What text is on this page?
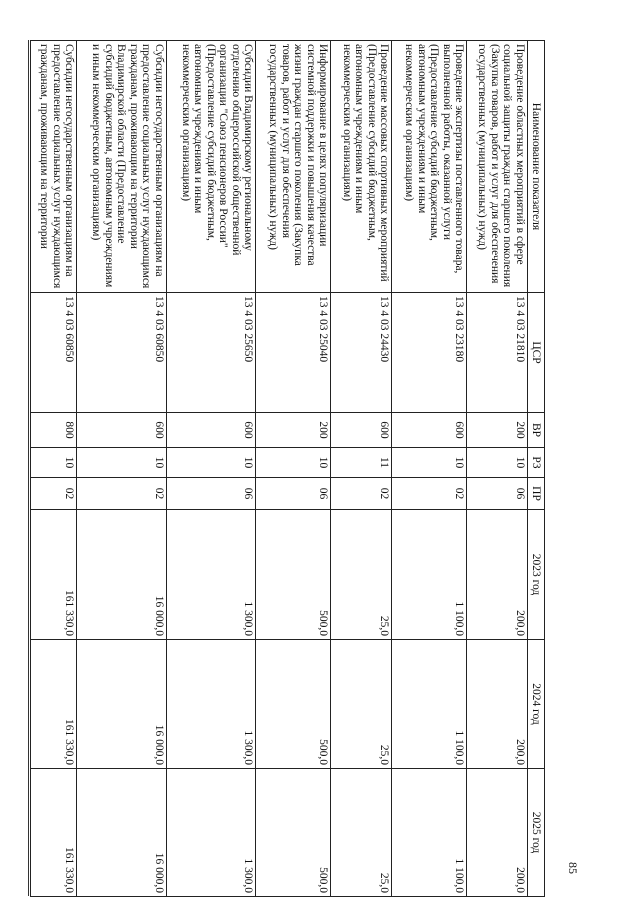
85
Наименование показателя	ЦСР	ВР	РЗ	ПР	2023 год	2024 год	2025 год
Проведение областных мероприятий в сфере социальной защиты граждан старшего поколения (Закупка товаров, работ и услуг для обеспечения государственных (муниципальных) нужд)	13 4 03 21810	200	10	06	200,0	200,0	200,0
Проведение экспертизы поставленного товара, выполненной работы, оказанной услуги (Предоставление субсидий бюджетным, автономным учреждениям и иным некоммерческим организациям)	13 4 03 23180	600	10	02	1 100,0	1 100,0	1 100,0
Проведение массовых спортивных мероприятий (Предоставление субсидий бюджетным, автономным учреждениям и иным некоммерческим организациям)	13 4 03 24430	600	11	02	25,0	25,0	25,0
Информирование в целях популяризации системной поддержки и повышения качества жизни граждан старшего поколения (Закупка товаров, работ и услуг для обеспечения государственных (муниципальных) нужд)	13 4 03 25040	200	10	06	500,0	500,0	500,0
Субсидии Владимирскому региональному отделению общероссийской общественной организации "Союз пенсионеров России" (Предоставление субсидий бюджетным, автономным учреждениям и иным некоммерческим организациям)	13 4 03 25650	600	10	06	1 300,0	1 300,0	1 300,0
Субсидии негосударственным организациям на предоставление социальных услуг нуждающимся гражданам, проживающим на территории Владимирской области (Предоставление субсидий бюджетным, автономным учреждениям и иным некоммерческим организациям)	13 4 03 60850	600	10	02	16 000,0	16 000,0	16 000,0
Субсидии негосударственным организациям на предоставление социальных услуг нуждающимся гражданам, проживающим на территории	13 4 03 60850	800	10	02	161 330,0	161 330,0	161 330,0
